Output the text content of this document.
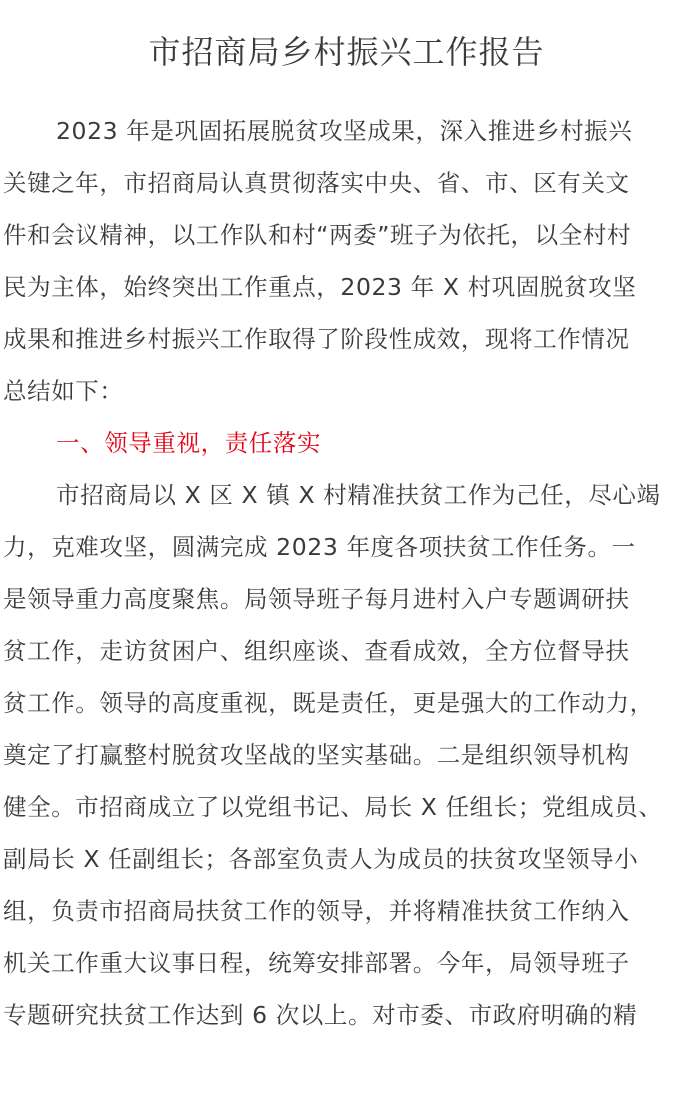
市招商局乡村振兴工作报告
2023 年是巩固拓展脱贫攻坚成果，深入推进乡村振兴
关键之年，市招商局认真贯彻落实中央、省、市、区有关文
件和会议精神，以工作队和村“两委”班子为依托，以全村村
民为主体，始终突出工作重点，2023 年 X 村巩固脱贫攻坚
成果和推进乡村振兴工作取得了阶段性成效，现将工作情况
总结如下：
一、领导重视，责任落实
市招商局以 X 区 X 镇 X 村精准扶贫工作为己任，尽心竭
力，克难攻坚，圆满完成 2023 年度各项扶贫工作任务。一
是领导重力高度聚焦。局领导班子每月进村入户专题调研扶
贫工作，走访贫困户、组织座谈、查看成效，全方位督导扶
贫工作。领导的高度重视，既是责任，更是强大的工作动力，
奠定了打赢整村脱贫攻坚战的坚实基础。二是组织领导机构
健全。市招商成立了以党组书记、局长 X 任组长；党组成员、
副局长 X 任副组长；各部室负责人为成员的扶贫攻坚领导小
组，负责市招商局扶贫工作的领导，并将精准扶贫工作纳入
机关工作重大议事日程，统筹安排部署。今年，局领导班子
专题研究扶贫工作达到 6 次以上。对市委、市政府明确的精
